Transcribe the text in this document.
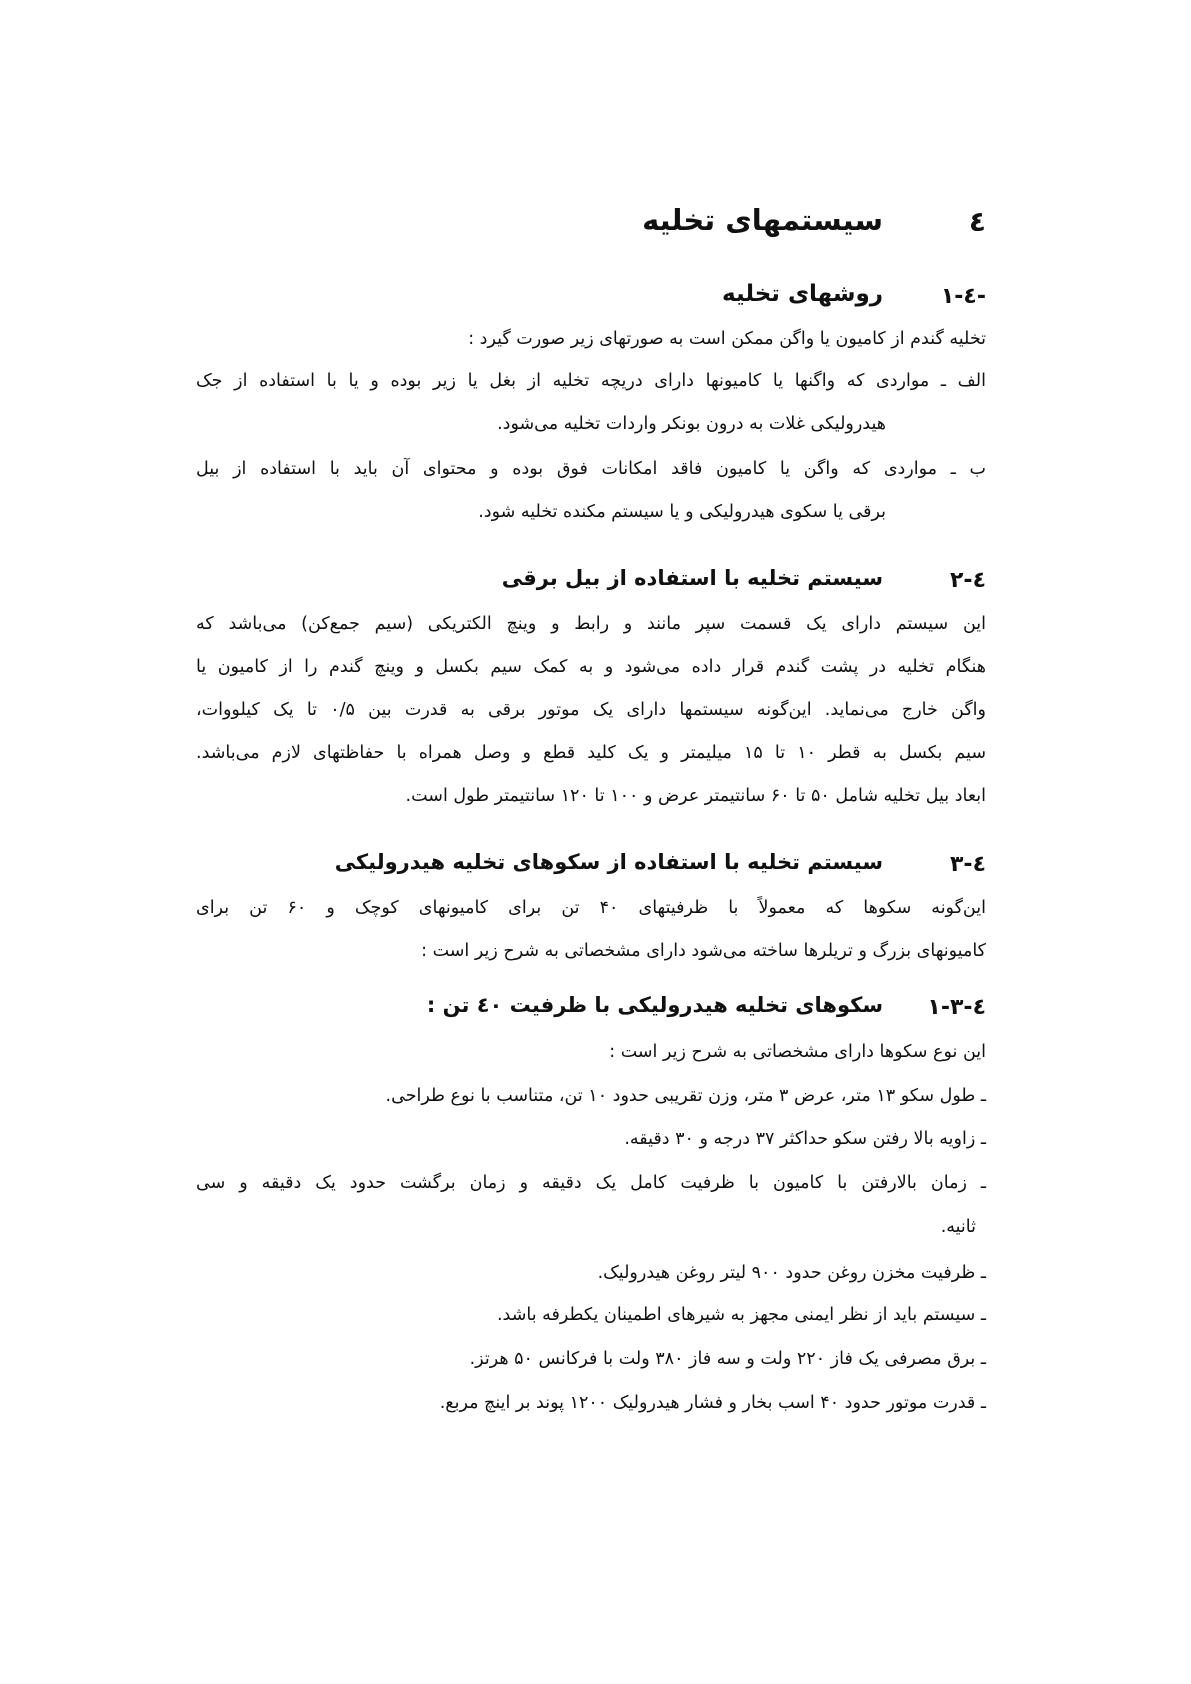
٤
سیستمهای تخلیه
٤-١-
روشهای تخلیه
تخلیه گندم از کامیون یا واگن ممکن است به صورتهای زیر صورت گیرد :
الف ـ مواردی که واگنها یا کامیونها دارای دریچه تخلیه از بغل یا زیر بوده و یا با استفاده از جک
هیدرولیکی غلات به درون بونکر واردات تخلیه می‌شود.
ب ـ مواردی که واگن یا کامیون فاقد امکانات فوق بوده و محتوای آن باید با استفاده از بیل
برقی یا سکوی هیدرولیکی و یا سیستم مکنده تخلیه شود.
٤-٢
سیستم تخلیه با استفاده از بیل برقی
این سیستم دارای یک قسمت سپر مانند و رابط و وینچ الکتریکی (سیم جمع‌کن) می‌باشد که
هنگام تخلیه در پشت گندم قرار داده می‌شود و به کمک سیم بکسل و وینچ گندم را از کامیون یا
واگن خارج می‌نماید. این‌گونه سیستمها دارای یک موتور برقی به قدرت بین ۰/۵ تا یک کیلووات،
سیم بکسل به قطر ۱۰ تا ۱۵ میلیمتر و یک کلید قطع و وصل همراه با حفاظتهای لازم می‌باشد.
ابعاد بیل تخلیه شامل ۵۰ تا ۶۰ سانتیمتر عرض و ۱۰۰ تا ۱۲۰ سانتیمتر طول است.
٤-٣
سیستم تخلیه با استفاده از سکوهای تخلیه هیدرولیکی
این‌گونه سکوها که معمولاً با ظرفیتهای ۴۰ تن برای کامیونهای کوچک و ۶۰ تن برای
کامیونهای بزرگ و تریلرها ساخته می‌شود دارای مشخصاتی به شرح زیر است :
٤-٣-١
سکوهای تخلیه هیدرولیکی با ظرفیت ٤٠ تن :
این نوع سکوها دارای مشخصاتی به شرح زیر است :
ـ طول سکو ۱۳ متر، عرض ۳ متر، وزن تقریبی حدود ۱۰ تن، متناسب با نوع طراحی.
ـ زاویه بالا رفتن سکو حداکثر ۳۷ درجه و ۳۰ دقیقه.
ـ زمان بالارفتن با کامیون با ظرفیت کامل یک دقیقه و زمان برگشت حدود یک دقیقه و سی
ثانیه.
ـ ظرفیت مخزن روغن حدود ۹۰۰ لیتر روغن هیدرولیک.
ـ سیستم باید از نظر ایمنی مجهز به شیرهای اطمینان یکطرفه باشد.
ـ برق مصرفی یک فاز ۲۲۰ ولت و سه فاز ۳۸۰ ولت با فرکانس ۵۰ هرتز.
ـ قدرت موتور حدود ۴۰ اسب بخار و فشار هیدرولیک ۱۲۰۰ پوند بر اینچ مربع.
